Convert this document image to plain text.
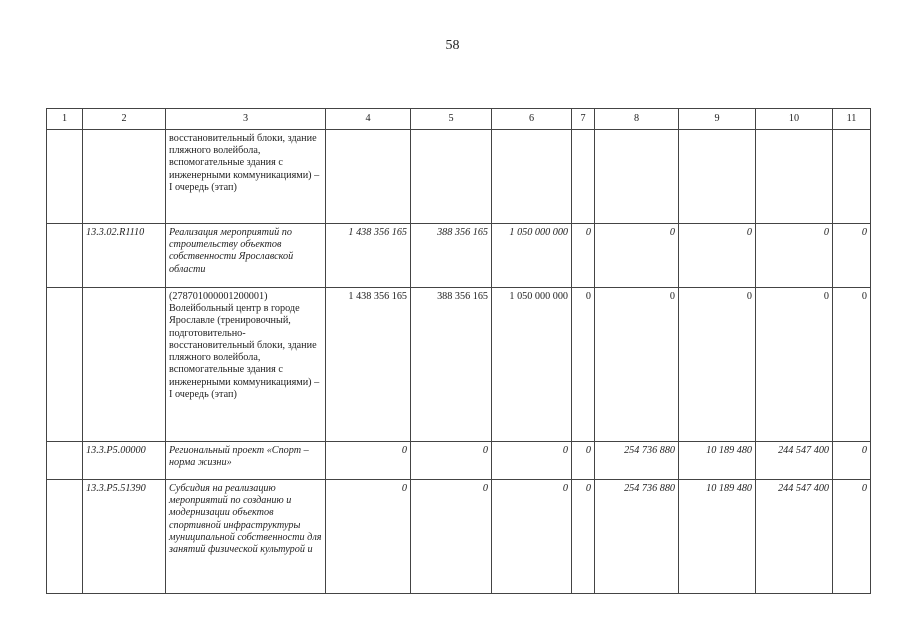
58
1	2	3	4	5	6	7	8	9	10	11
		восстановительный блоки, здание пляжного волейбола, вспомогательные здания с инженерными коммуникациями) – I очередь (этап)								
	13.3.02.R1110	Реализация мероприятий по строительству объектов собственности Ярославской области	1 438 356 165	388 356 165	1 050 000 000	0	0	0	0	0
		(278701000001200001) Волейбольный центр в городе Ярославле (тренировочный, подготовительно-восстановительный блоки, здание пляжного волейбола, вспомогательные здания с инженерными коммуникациями) – I очередь (этап)	1 438 356 165	388 356 165	1 050 000 000	0	0	0	0	0
	13.3.P5.00000	Региональный проект «Спорт – норма жизни»	0	0	0	0	254 736 880	10 189 480	244 547 400	0
	13.3.P5.51390	Субсидия на реализацию мероприятий по созданию и модернизации объектов спортивной инфраструктуры муниципальной собственности для занятий физической культурой и	0	0	0	0	254 736 880	10 189 480	244 547 400	0
